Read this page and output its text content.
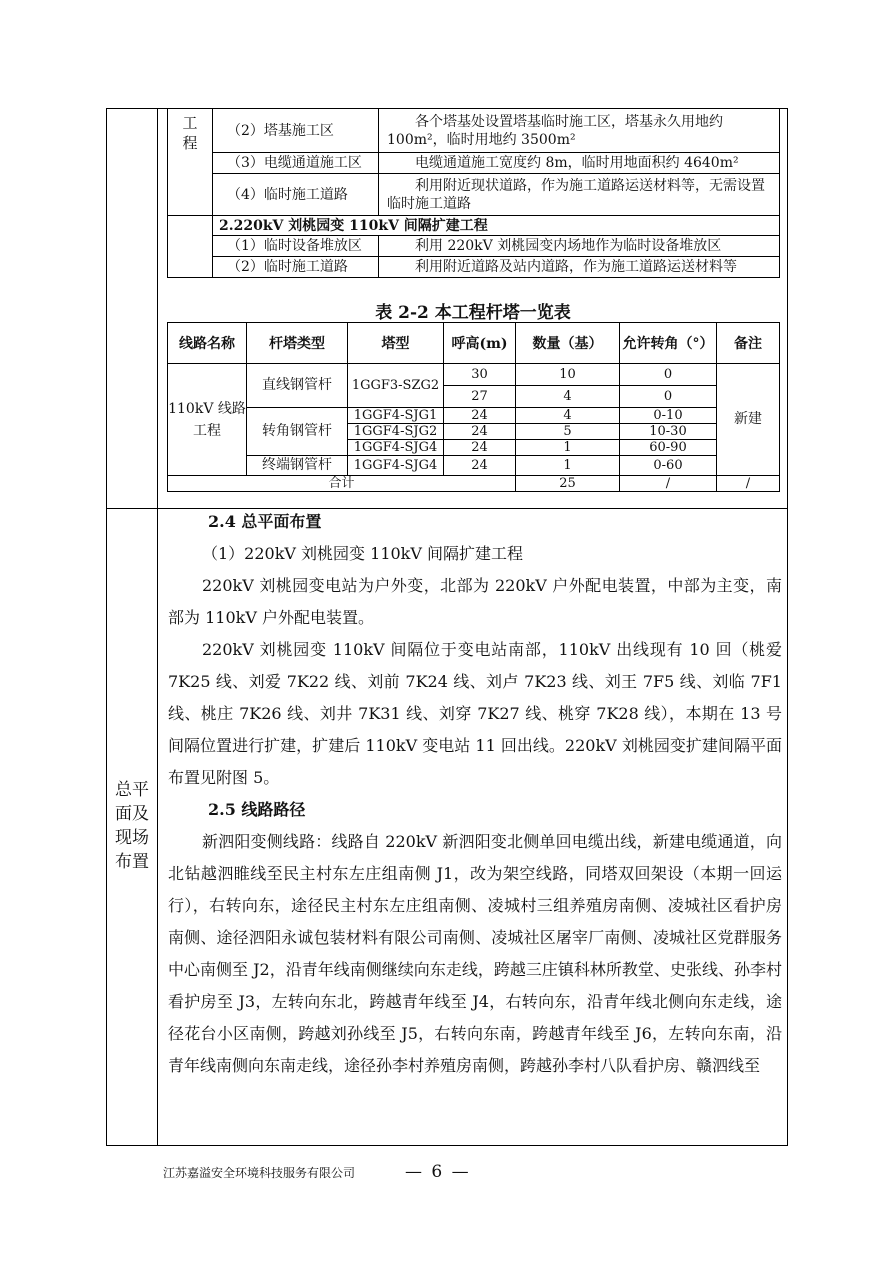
工
程	（2）塔基施工区	各个塔基处设置塔基临时施工区，塔基永久用地约100m²，临时用地约 3500m²
	（3）电缆通道施工区	电缆通道施工宽度约 8m，临时用地面积约 4640m²
	（4）临时施工道路	利用附近现状道路，作为施工道路运送材料等，无需设置临时施工道路
	2.220kV 刘桃园变 110kV 间隔扩建工程	
	（1）临时设备堆放区	利用 220kV 刘桃园变内场地作为临时设备堆放区
	（2）临时施工道路	利用附近道路及站内道路，作为施工道路运送材料等
表 2-2 本工程杆塔一览表
线路名称	杆塔类型	塔型	呼高(m)	数量（基）	允许转角（°）	备注
110kV 线路工程	直线钢管杆	1GGF3-SZG2	30	10	0	新建
			27	4	0	
	转角钢管杆	1GGF4-SJG1	24	4	0-10	
		1GGF4-SJG2	24	5	10-30	
		1GGF4-SJG4	24	1	60-90	
	终端钢管杆	1GGF4-SJG4	24	1	0-60	
合计				25	/	/
总平
面及
现场
布置

2.4 总平面布置

（1）220kV 刘桃园变 110kV 间隔扩建工程

220kV 刘桃园变电站为户外变，北部为 220kV 户外配电装置，中部为主变，南部为 110kV 户外配电装置。

220kV 刘桃园变 110kV 间隔位于变电站南部，110kV 出线现有 10 回（桃爱 7K25 线、刘爱 7K22 线、刘前 7K24 线、刘卢 7K23 线、刘王 7F5 线、刘临 7F1 线、桃庄 7K26 线、刘井 7K31 线、刘穿 7K27 线、桃穿 7K28 线），本期在 13 号间隔位置进行扩建，扩建后 110kV 变电站 11 回出线。220kV 刘桃园变扩建间隔平面布置见附图 5。

2.5 线路路径

新泗阳变侧线路：线路自 220kV 新泗阳变北侧单回电缆出线，新建电缆通道，向北钻越泗睢线至民主村东左庄组南侧 J1，改为架空线路，同塔双回架设（本期一回运行），右转向东，途径民主村东左庄组南侧、凌城村三组养殖房南侧、凌城社区看护房南侧、途径泗阳永诚包装材料有限公司南侧、凌城社区屠宰厂南侧、凌城社区党群服务中心南侧至 J2，沿青年线南侧继续向东走线，跨越三庄镇科林所教堂、史张线、孙李村看护房至 J3，左转向东北，跨越青年线至 J4，右转向东，沿青年线北侧向东走线，途径花台小区南侧，跨越刘孙线至 J5，右转向东南，跨越青年线至 J6，左转向东南，沿青年线南侧向东南走线，途径孙李村养殖房南侧，跨越孙李村八队看护房、赣泗线至

江苏嘉溢安全环境科技服务有限公司	— 6 —
